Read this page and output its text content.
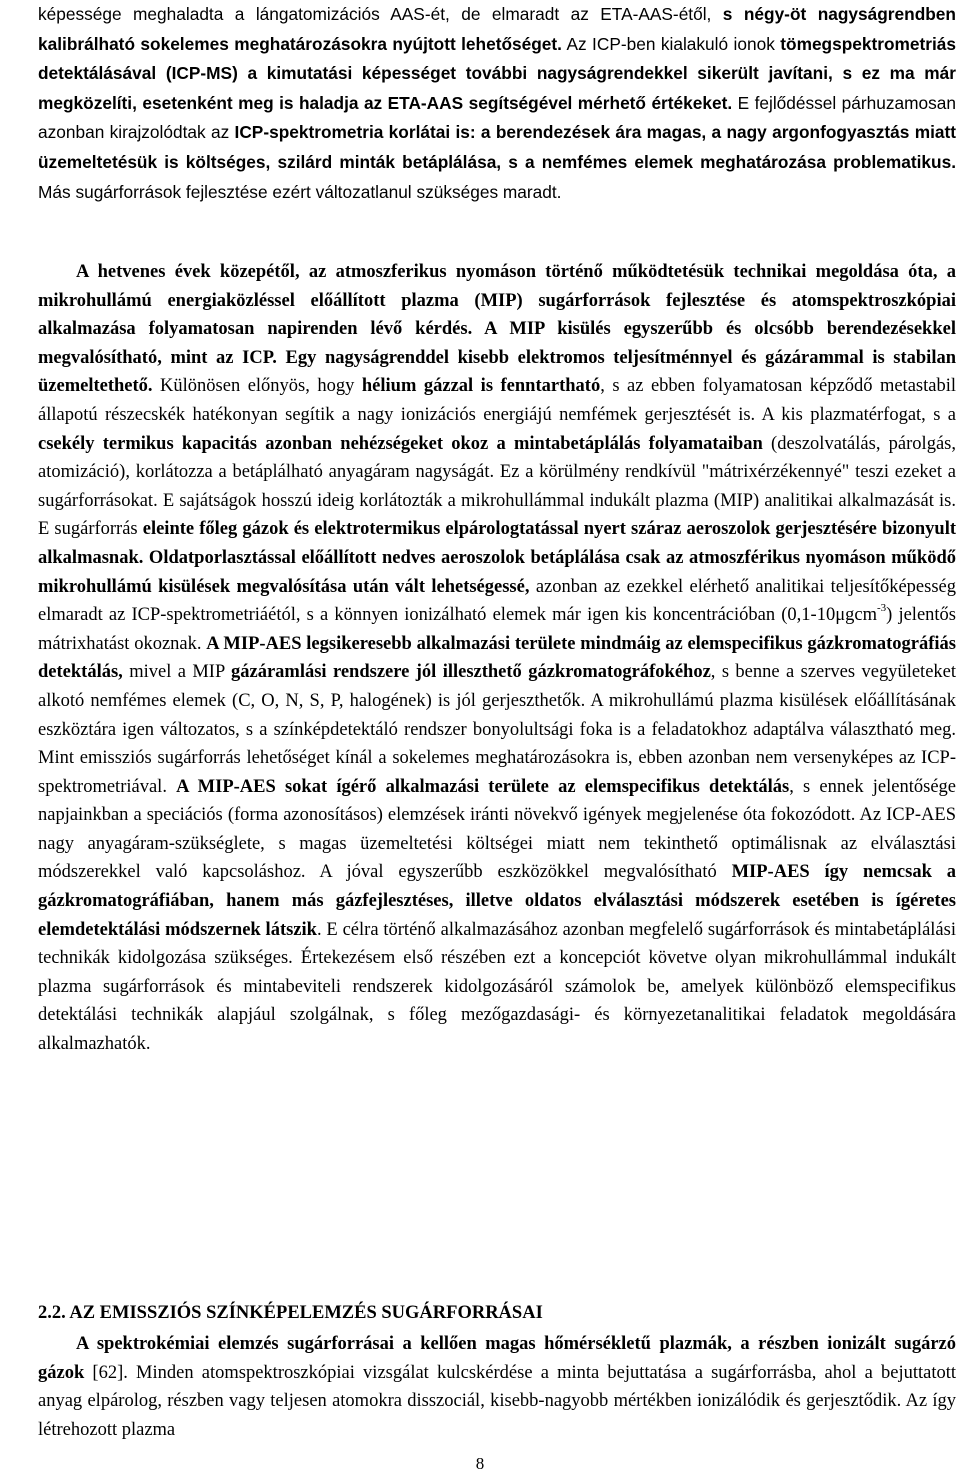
képessége meghaladta a lángatomizációs AAS-ét, de elmaradt az ETA-AAS-étől, s négy-öt nagyságrendben kalibrálható sokelemes meghatározásokra nyújtott lehetőséget. Az ICP-ben kialakuló ionok tömegspektrometriás detektálásával (ICP-MS) a kimutatási képességet további nagyságrendekkel sikerült javítani, s ez ma már megközelíti, esetenként meg is haladja az ETA-AAS segítségével mérhető értékeket. E fejlődéssel párhuzamosan azonban kirajzolódtak az ICP-spektrometria korlátai is: a berendezések ára magas, a nagy argonfogyasztás miatt üzemeltetésük is költséges, szilárd minták betáplálása, s a nemfémes elemek meghatározása problematikus. Más sugárforrások fejlesztése ezért változatlanul szükséges maradt.
A hetvenes évek közepétől, az atmoszferikus nyomáson történő működtetésük technikai megoldása óta, a mikrohullámú energiaközléssel előállított plazma (MIP) sugárforrások fejlesztése és atomspektroszkópiai alkalmazása folyamatosan napirenden lévő kérdés. A MIP kisülés egyszerűbb és olcsóbb berendezésekkel megvalósítható, mint az ICP. Egy nagyságrenddel kisebb elektromos teljesítménnyel és gázárammal is stabilan üzemeltethető. Különösen előnyös, hogy hélium gázzal is fenntartható, s az ebben folyamatosan képződő metastabil állapotú részecskék hatékonyan segítik a nagy ionizációs energiájú nemfémek gerjesztését is. A kis plazmatérfogat, s a csekély termikus kapacitás azonban nehézségeket okoz a mintabetáplálás folyamataiban (deszolvatálás, párolgás, atomizáció), korlátozza a betáplálható anyagáram nagyságát. Ez a körülmény rendkívül "mátrixérzékennyé" teszi ezeket a sugárforrásokat. E sajátságok hosszú ideig korlátozták a mikrohullámmal indukált plazma (MIP) analitikai alkalmazását is. E sugárforrás eleinte főleg gázok és elektrotermikus elpárologtatással nyert száraz aeroszolok gerjesztésére bizonyult alkalmasnak. Oldatporlasztással előállított nedves aeroszolok betáplálása csak az atmoszférikus nyomáson működő mikrohullámú kisülések megvalósítása után vált lehetségessé, azonban az ezekkel elérhető analitikai teljesítőképesség elmaradt az ICP-spektrometriáétól, s a könnyen ionizálható elemek már igen kis koncentrációban (0,1-10μgcm$^{-3}$) jelentős mátrixhatást okoznak. A MIP-AES legsikeresebb alkalmazási területe mindmáig az elemspecifikus gázkromatográfiás detektálás, mivel a MIP gázáramlási rendszere jól illeszthető gázkromatográfokéhoz, s benne a szerves vegyületeket alkotó nemfémes elemek (C, O, N, S, P, halogének) is jól gerjeszthetők. A mikrohullámú plazma kisülések előállításának eszköztára igen változatos, s a színképdetektáló rendszer bonyolultsági foka is a feladatokhoz adaptálva választható meg. Mint emissziós sugárforrás lehetőséget kínál a sokelemes meghatározásokra is, ebben azonban nem versenyképes az ICP-spektrometriával. A MIP-AES sokat ígérő alkalmazási területe az elemspecifikus detektálás, s ennek jelentősége napjainkban a speciációs (forma azonosításos) elemzések iránti növekvő igények megjelenése óta fokozódott. Az ICP-AES nagy anyagáram-szükséglete, s magas üzemeltetési költségei miatt nem tekinthető optimálisnak az elválasztási módszerekkel való kapcsoláshoz. A jóval egyszerűbb eszközökkel megvalósítható MIP-AES így nemcsak a gázkromatográfiában, hanem más gázfejlesztéses, illetve oldatos elválasztási módszerek esetében is ígéretes elemdetektálási módszernek látszik. E célra történő alkalmazásához azonban megfelelő sugárforrások és mintabetáplálási technikák kidolgozása szükséges. Értekezésem első részében ezt a koncepciót követve olyan mikrohullámmal indukált plazma sugárforrások és mintabeviteli rendszerek kidolgozásáról számolok be, amelyek különböző elemspecifikus detektálási technikák alapjául szolgálnak, s főleg mezőgazdasági- és környezetanalitikai feladatok megoldására alkalmazhatók.
2.2. AZ EMISSZIÓS SZÍNKÉPELEMZÉS SUGÁRFORRÁSAI
A spektrokémiai elemzés sugárforrásai a kellően magas hőmérsékletű plazmák, a részben ionizált sugárzó gázok [62]. Minden atomspektroszkópiai vizsgálat kulcskérdése a minta bejuttatása a sugárforrásba, ahol a bejuttatott anyag elpárolog, részben vagy teljesen atomokra disszociál, kisebb-nagyobb mértékben ionizálódik és gerjesztődik. Az így létrehozott plazma
8
